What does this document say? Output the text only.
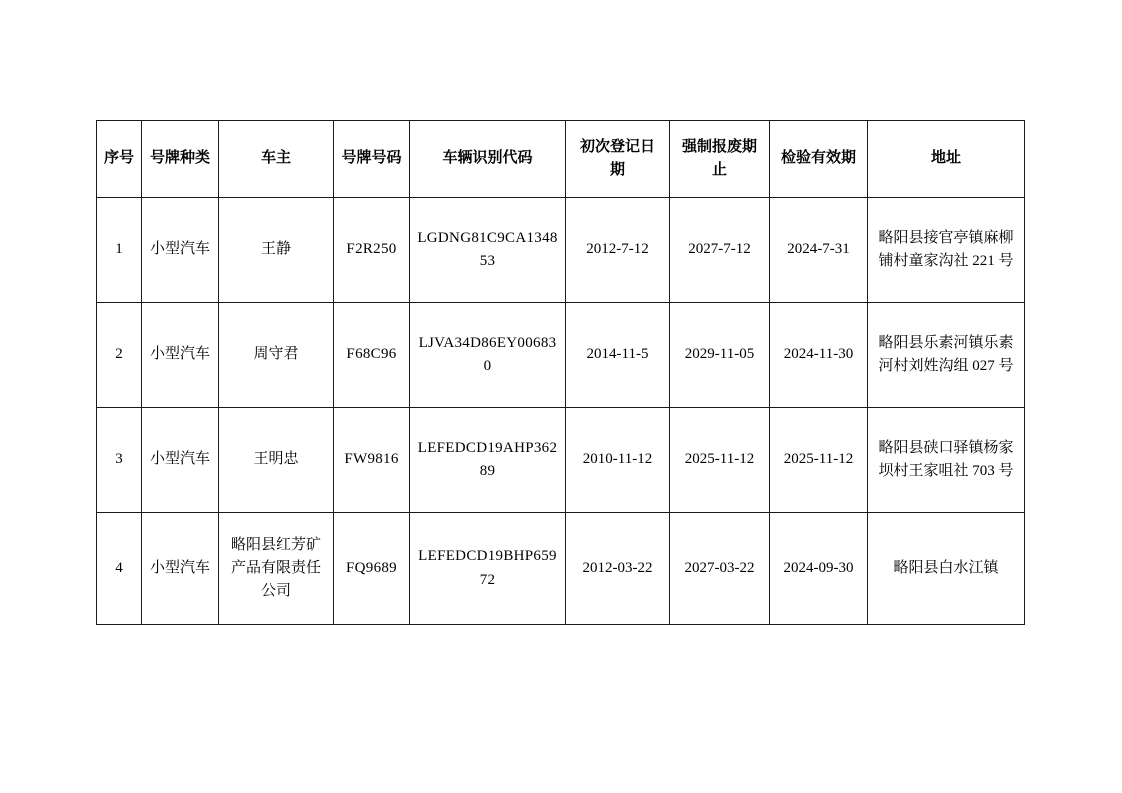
序号	号牌种类	车主	号牌号码	车辆识别代码	初次登记日期	强制报废期止	检验有效期	地址
1	小型汽车	王静	F2R250	LGDNG81C9CA134853	2012-7-12	2027-7-12	2024-7-31	略阳县接官亭镇麻柳铺村童家沟社 221 号
2	小型汽车	周守君	F68C96	LJVA34D86EY006830	2014-11-5	2029-11-05	2024-11-30	略阳县乐素河镇乐素河村刘姓沟组 027 号
3	小型汽车	王明忠	FW9816	LEFEDCD19AHP36289	2010-11-12	2025-11-12	2025-11-12	略阳县硖口驿镇杨家坝村王家咀社 703 号
4	小型汽车	略阳县红芳矿产品有限责任公司	FQ9689	LEFEDCD19BHP65972	2012-03-22	2027-03-22	2024-09-30	略阳县白水江镇
